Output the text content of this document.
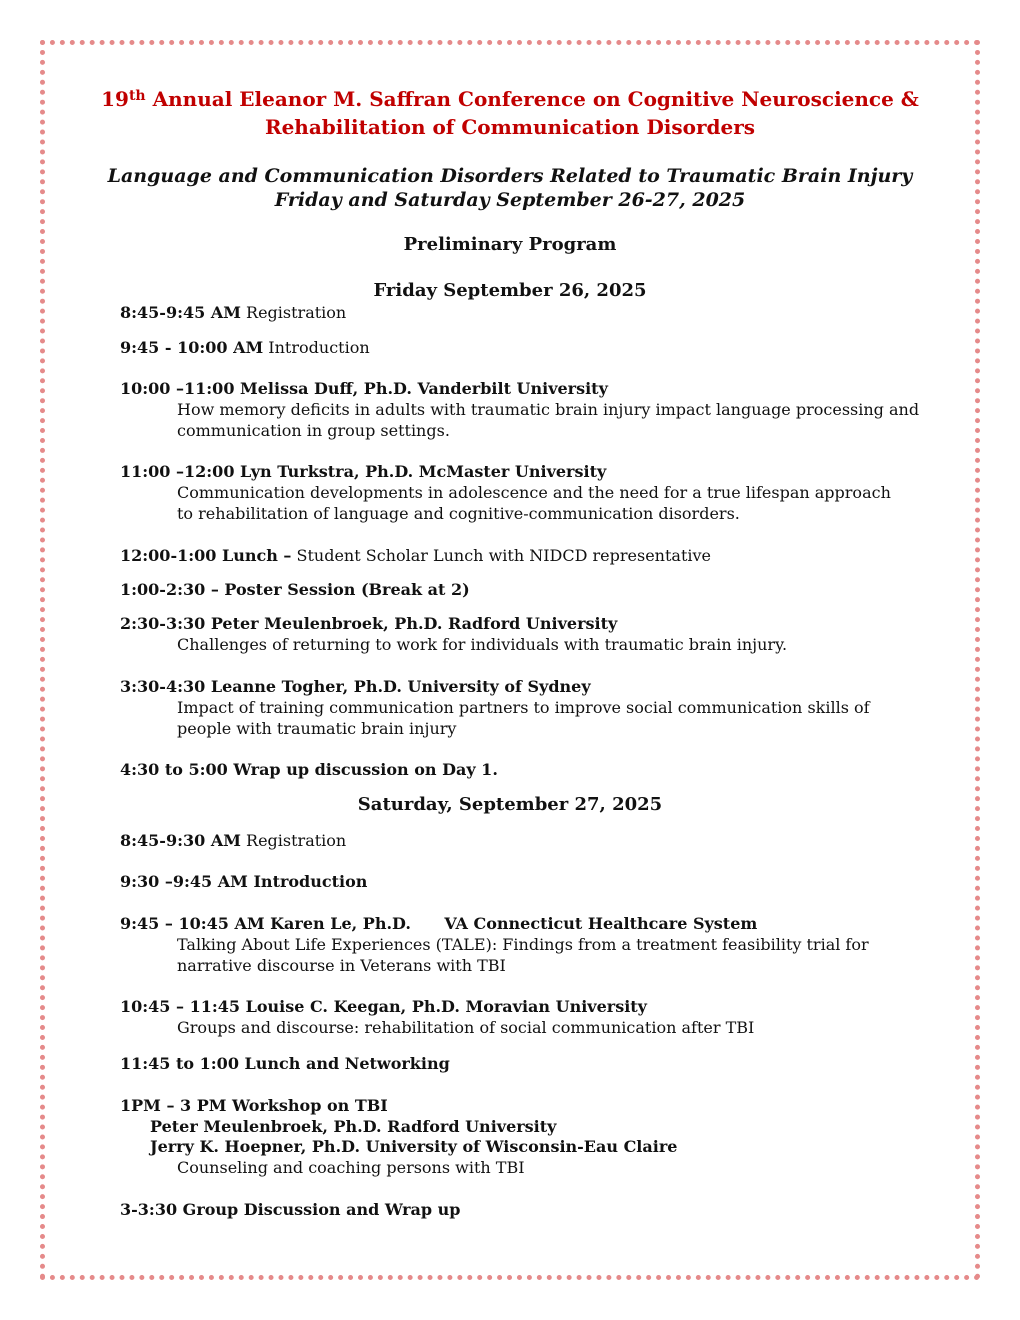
19th Annual Eleanor M. Saffran Conference on Cognitive Neuroscience &
Rehabilitation of Communication Disorders
Language and Communication Disorders Related to Traumatic Brain Injury
Friday and Saturday September 26-27, 2025
Preliminary Program
Friday September 26, 2025
8:45-9:45 AM Registration
9:45 - 10:00 AM Introduction
10:00 –11:00 Melissa Duff, Ph.D. Vanderbilt University
How memory deficits in adults with traumatic brain injury impact language processing and communication in group settings.
11:00 –12:00 Lyn Turkstra, Ph.D. McMaster University
Communication developments in adolescence and the need for a true lifespan approach to rehabilitation of language and cognitive-communication disorders.
12:00-1:00 Lunch – Student Scholar Lunch with NIDCD representative
1:00-2:30 – Poster Session (Break at 2)
2:30-3:30 Peter Meulenbroek, Ph.D. Radford University
Challenges of returning to work for individuals with traumatic brain injury.
3:30-4:30 Leanne Togher, Ph.D. University of Sydney
Impact of training communication partners to improve social communication skills of people with traumatic brain injury
4:30 to 5:00 Wrap up discussion on Day 1.
Saturday, September 27, 2025
8:45-9:30 AM Registration
9:30 –9:45 AM Introduction
9:45 – 10:45 AM Karen Le, Ph.D.      VA Connecticut Healthcare System
Talking About Life Experiences (TALE): Findings from a treatment feasibility trial for narrative discourse in Veterans with TBI
10:45 – 11:45 Louise C. Keegan, Ph.D. Moravian University
Groups and discourse: rehabilitation of social communication after TBI
11:45 to 1:00 Lunch and Networking
1PM – 3 PM Workshop on TBI
Peter Meulenbroek, Ph.D. Radford University
Jerry K. Hoepner, Ph.D. University of Wisconsin-Eau Claire
Counseling and coaching persons with TBI
3-3:30 Group Discussion and Wrap up
